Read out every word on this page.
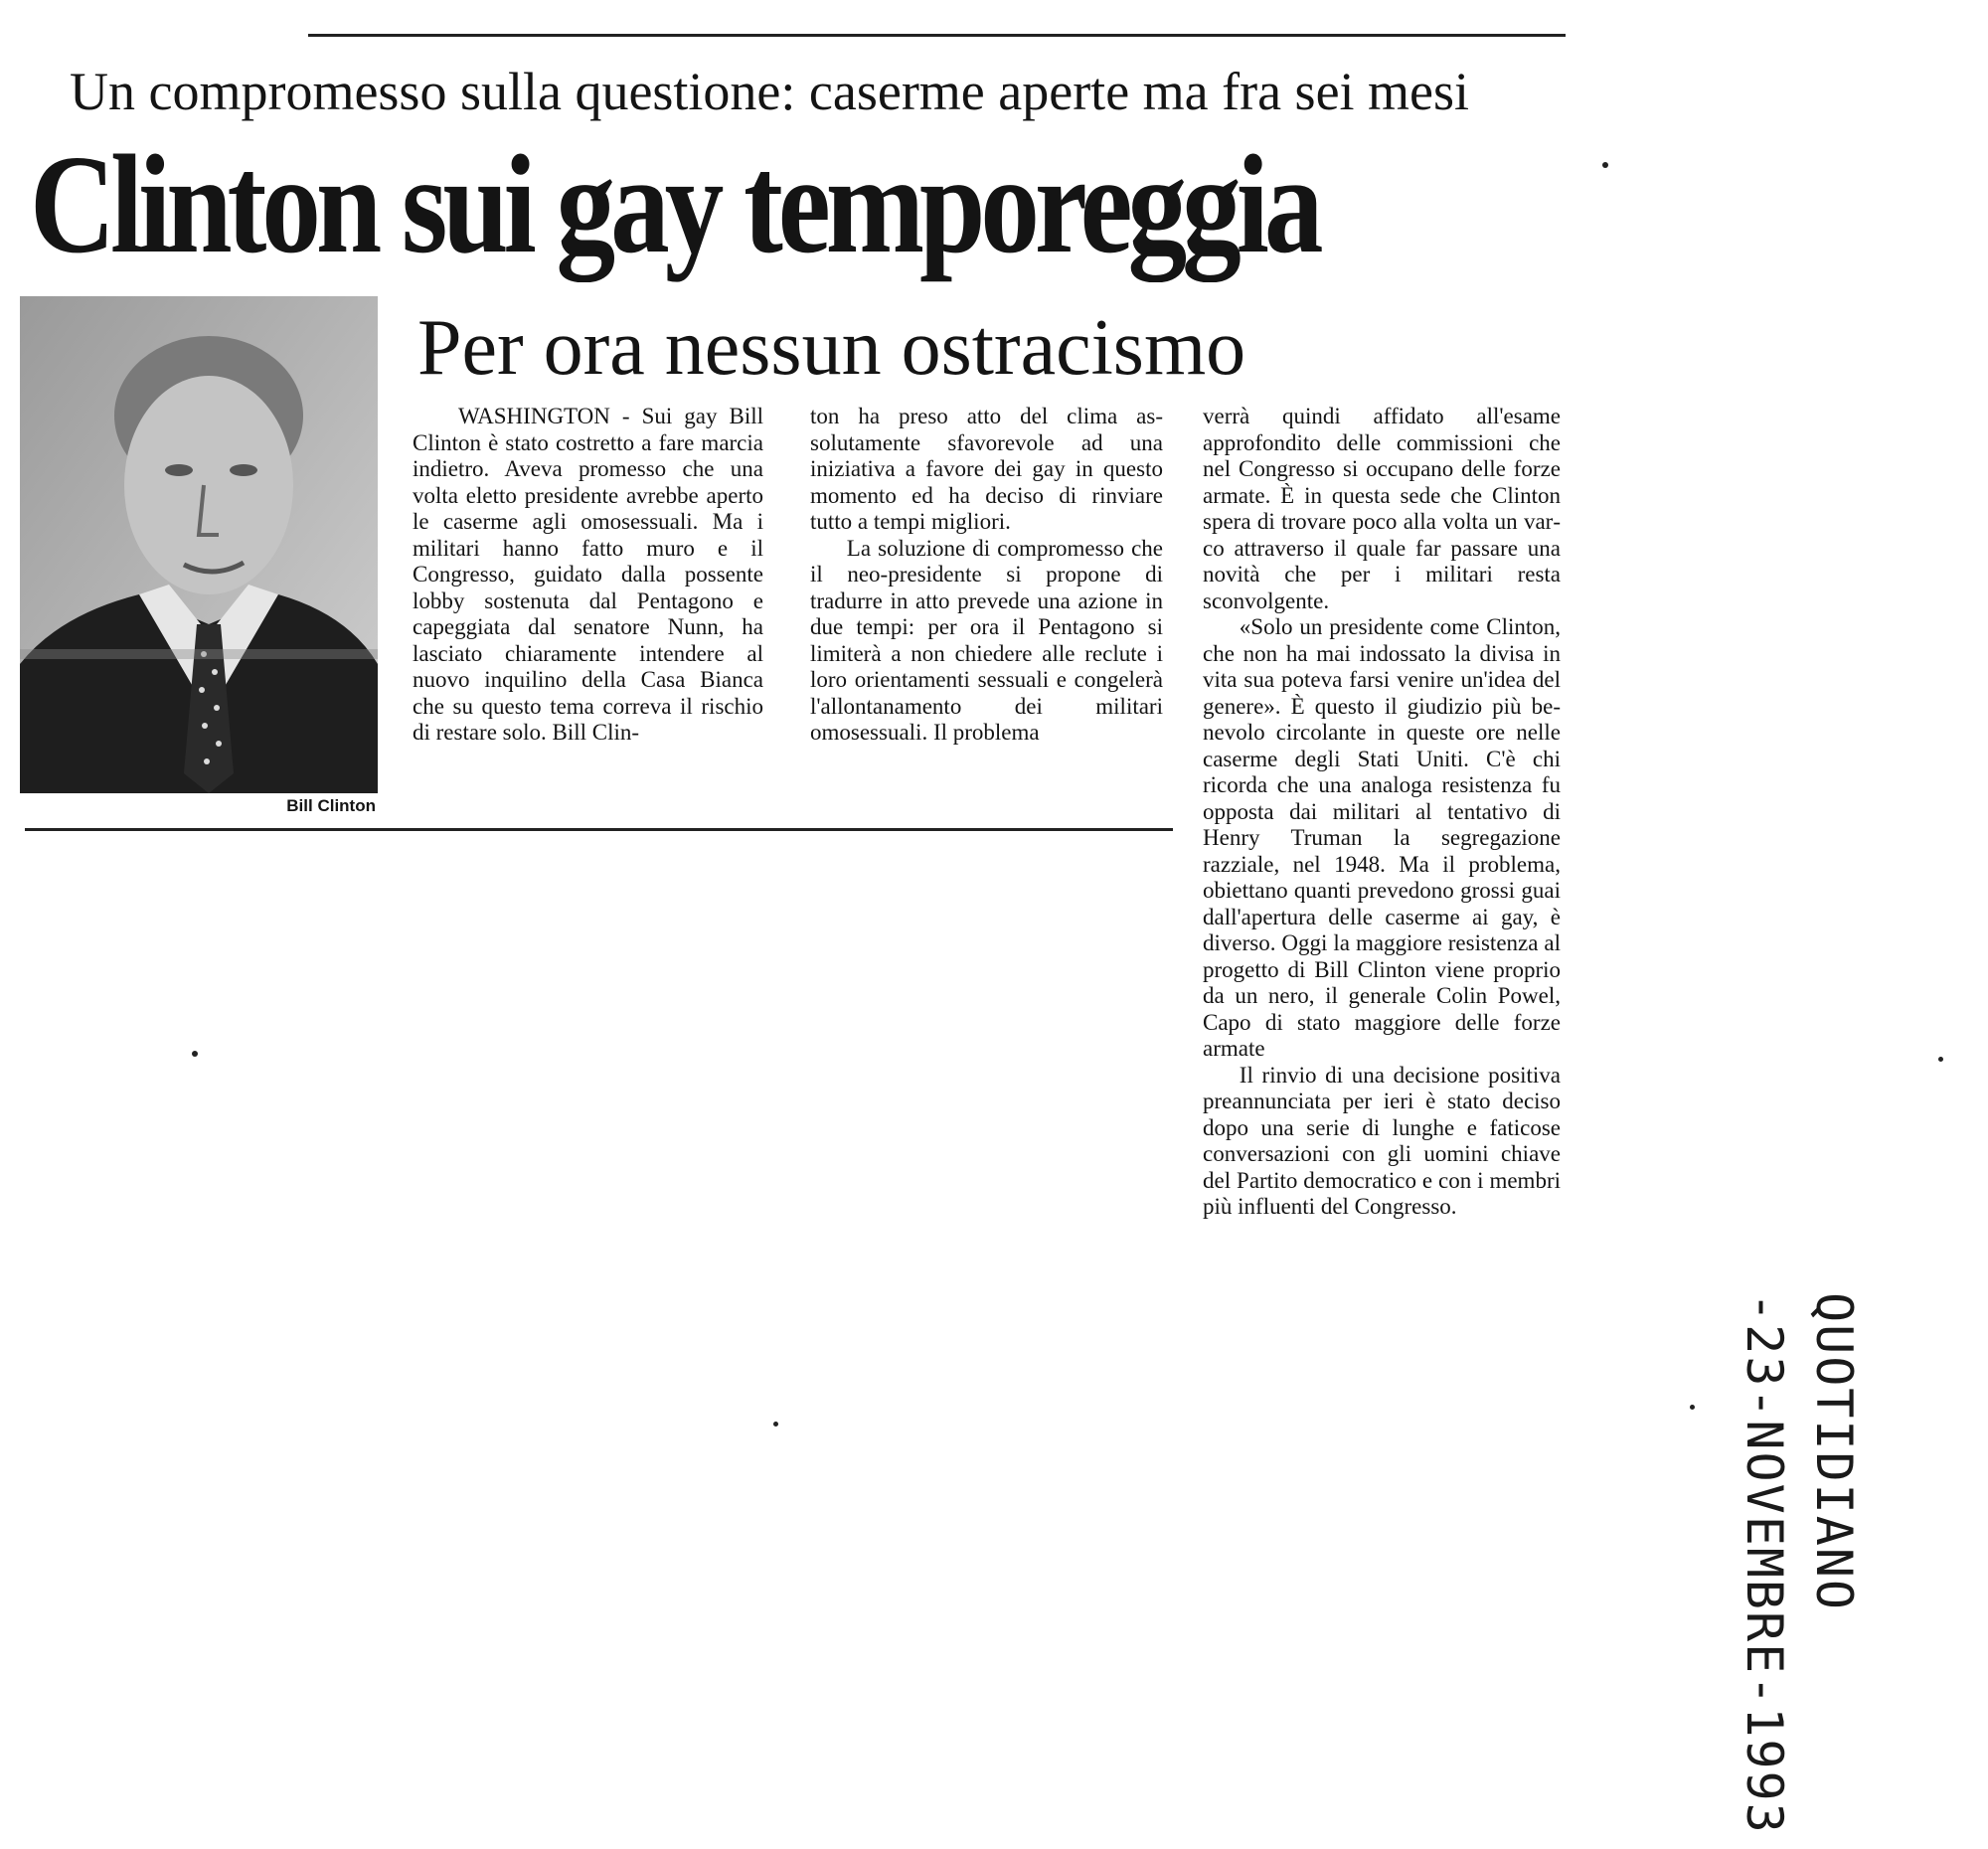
Un compromesso sulla questione: caserme aperte ma fra sei mesi
Clinton sui gay temporeggia
Bill Clinton
Per ora nessun ostracismo

WASHINGTON - Sui gay Bill Clinton è stato costretto a fare marcia indietro. Aveva promesso che una volta eletto presidente avrebbe aperto le caserme agli omosessuali. Ma i militari hanno fatto muro e il Congresso, guidato dalla possente lobby sostenuta dal Pentagono e capeggiata dal senatore Nunn, ha lasciato chiaramente intendere al nuovo inquilino della Casa Bianca che su questo tema correva il rischio di restare solo. Bill Clin-

ton ha preso atto del clima assolutamente sfavorevole ad una iniziativa a favore dei gay in questo momento ed ha deciso di rinviare tutto a tempi migliori.

La soluzione di compromesso che il neo-presidente si propone di tradurre in atto prevede una azione in due tempi: per ora il Pentagono si limiterà a non chiedere alle reclute i loro orientamenti sessuali e congelerà l'allontanamento dei militari omosessuali. Il problema

verrà quindi affidato all'esame approfondito delle commissioni che nel Congresso si occupano delle forze armate. È in questa sede che Clinton spera di trovare poco alla volta un varco attraverso il quale far passare una novità che per i militari resta sconvolgente.

«Solo un presidente come Clinton, che non ha mai indossato la divisa in vita sua poteva farsi venire un'idea del genere». È questo il giudizio più benevolo circolante in queste ore nelle caserme degli Stati Uniti. C'è chi ricorda che una analoga resistenza fu opposta dai militari al tentativo di Henry Truman la segregazione razziale, nel 1948. Ma il problema, obiettano quanti prevedono grossi guai dall'apertura delle caserme ai gay, è diverso. Oggi la maggiore resistenza al progetto di Bill Clinton viene proprio da un nero, il generale Colin Powel, Capo di stato maggiore delle forze armate

Il rinvio di una decisione positiva preannunciata per ieri è stato deciso dopo una serie di lunghe e faticose conversazioni con gli uomini chiave del Partito democratico e con i membri più influenti del Congresso.

QUOTIDIANO
-23-NOVEMBRE-1993
